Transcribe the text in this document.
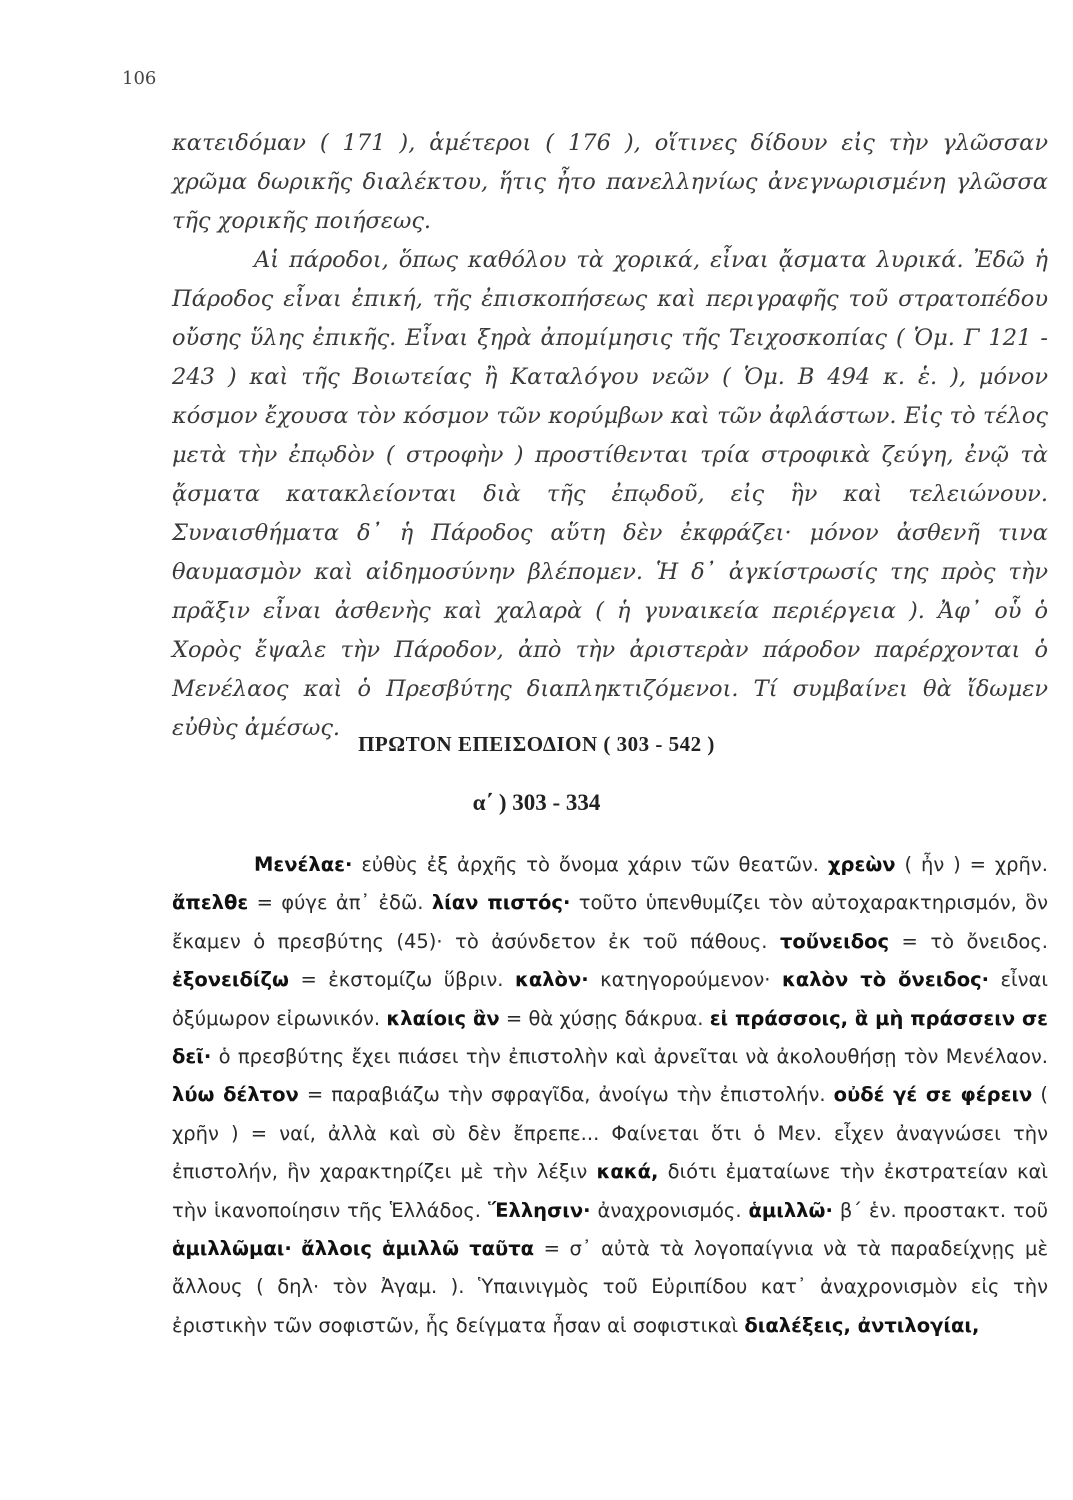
106

κατειδόμαν ( 171 ), ἁμέτεροι ( 176 ), οἵτινες δίδουν εἰς τὴν γλῶσσαν χρῶμα δωρικῆς διαλέκτου, ἥτις ἦτο πανελληνίως ἀνεγνωρισμένη γλῶσσα τῆς χορικῆς ποιήσεως.

Αἱ πάροδοι, ὅπως καθόλου τὰ χορικά, εἶναι ᾄσματα λυρικά. Ἐδῶ ἡ Πάροδος εἶναι ἐπική, τῆς ἐπισκοπήσεως καὶ περιγραφῆς τοῦ στρατοπέδου οὔσης ὕλης ἐπικῆς. Εἶναι ξηρὰ ἀπομίμησις τῆς Τειχοσκοπίας ( Ὁμ. Γ 121 - 243 ) καὶ τῆς Βοιωτείας ἢ Καταλόγου νεῶν ( Ὁμ. Β 494 κ. ἑ. ), μόνον κόσμον ἔχουσα τὸν κόσμον τῶν κορύμβων καὶ τῶν ἀφλάστων. Εἰς τὸ τέλος μετὰ τὴν ἐπῳδὸν ( στροφὴν ) προστίθενται τρία στροφικὰ ζεύγη, ἐνῷ τὰ ᾄσματα κατακλείονται διὰ τῆς ἐπῳδοῦ, εἰς ἣν καὶ τελειώνουν. Συναισθήματα δ᾽ ἡ Πάροδος αὕτη δὲν ἐκφράζει· μόνον ἀσθενῆ τινα θαυμασμὸν καὶ αἰδημοσύνην βλέπομεν. Ἡ δ᾽ ἀγκίστρωσίς της πρὸς τὴν πρᾶξιν εἶναι ἀσθενὴς καὶ χαλαρὰ ( ἡ γυναικεία περιέργεια ). Ἀφ᾽ οὗ ὁ Χορὸς ἔψαλε τὴν Πάροδον, ἀπὸ τὴν ἀριστερὰν πάροδον παρέρχονται ὁ Μενέλαος καὶ ὁ Πρεσβύτης διαπληκτιζόμενοι. Τί συμβαίνει θὰ ἴδωμεν εὐθὺς ἀμέσως.

ΠΡΩΤΟΝ ΕΠΕΙΣΟΔΙΟΝ ( 303 - 542 )
α΄ ) 303 - 334
Μενέλαε· εὐθὺς ἐξ ἀρχῆς τὸ ὄνομα χάριν τῶν θεατῶν. χρεὼν ( ἦν ) = χρῆν. ἄπελθε = φύγε ἀπ᾽ ἐδῶ. λίαν πιστός· τοῦτο ὑπενθυμίζει τὸν αὐτοχαρακτηρισμόν, ὃν ἔκαμεν ὁ πρεσβύτης (45)· τὸ ἀσύνδετον ἐκ τοῦ πάθους. τοὔνειδος = τὸ ὄνειδος. ἐξονειδίζω = ἐκστομίζω ὕβριν. καλὸν· κατηγορούμενον· καλὸν τὸ ὄνειδος· εἶναι ὀξύμωρον εἰρωνικόν. κλαίοις ἂν = θὰ χύσῃς δάκρυα. εἰ πράσσοις, ἃ μὴ πράσσειν σε δεῖ· ὁ πρεσβύτης ἔχει πιάσει τὴν ἐπιστολὴν καὶ ἀρνεῖται νὰ ἀκολουθήσῃ τὸν Μενέλαον. λύω δέλτον = παραβιάζω τὴν σφραγῖδα, ἀνοίγω τὴν ἐπιστολήν. οὐδέ γέ σε φέρειν ( χρῆν ) = ναί, ἀλλὰ καὶ σὺ δὲν ἔπρεπε... Φαίνεται ὅτι ὁ Μεν. εἶχεν ἀναγνώσει τὴν ἐπιστολήν, ἣν χαρακτηρίζει μὲ τὴν λέξιν κακά, διότι ἐματαίωνε τὴν ἐκστρατείαν καὶ τὴν ἱκανοποίησιν τῆς Ἑλλάδος. Ἕλλησιν· ἀναχρονισμός. ἁμιλλῶ· β΄ ἑν. προστακτ. τοῦ ἁμιλλῶμαι· ἄλλοις ἁμιλλῶ ταῦτα = σ᾽ αὐτὰ τὰ λογοπαίγνια νὰ τὰ παραδείχνῃς μὲ ἄλλους ( δηλ· τὸν Ἀγαμ. ). Ὑπαινιγμὸς τοῦ Εὐριπίδου κατ᾽ ἀναχρονισμὸν εἰς τὴν ἐριστικὴν τῶν σοφιστῶν, ἧς δείγματα ἦσαν αἱ σοφιστικαὶ διαλέξεις, ἀντιλογίαι,
